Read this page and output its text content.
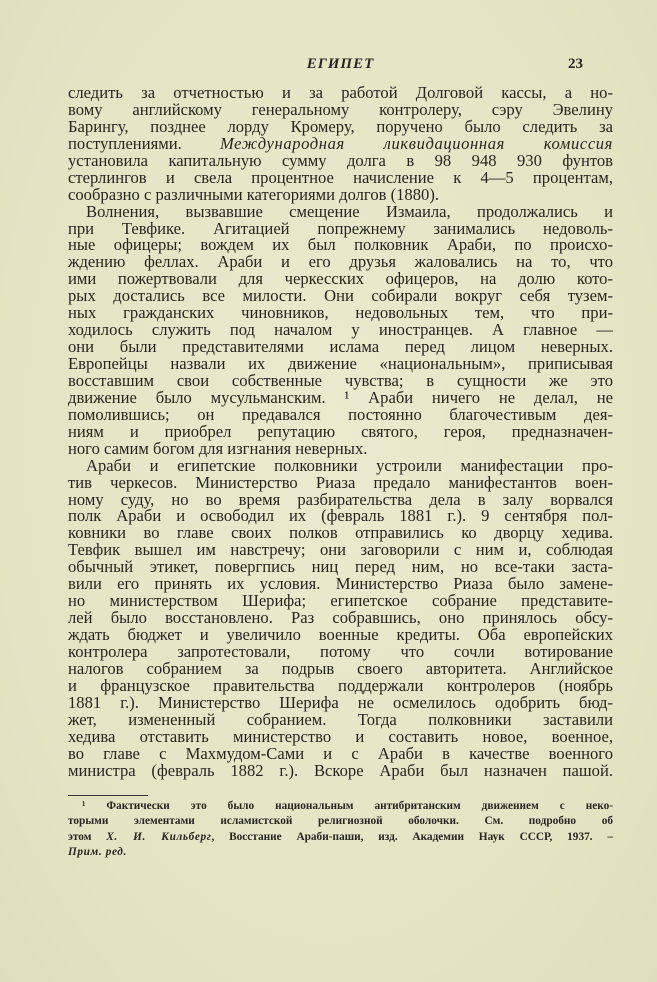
ЕГИПЕТ	23
следить за отчетностью и за работой Долговой кассы, а но-
вому английскому генеральному контролеру, сэру Эвелину
Барингу, позднее лорду Кромеру, поручено было следить за
поступлениями. Международная ликвидационная комиссия
установила капитальную сумму долга в 98 948 930 фунтов
стерлингов и свела процентное начисление к 4—5 процентам,
сообразно с различными категориями долгов (1880).
Волнения, вызвавшие смещение Измаила, продолжались и
при Тевфике. Агитацией попрежнему занимались недоволь-
ные офицеры; вождем их был полковник Араби, по происхо-
ждению феллах. Араби и его друзья жаловались на то, что
ими пожертвовали для черкесских офицеров, на долю кото-
рых достались все милости. Они собирали вокруг себя тузем-
ных гражданских чиновников, недовольных тем, что при-
ходилось служить под началом у иностранцев. А главное —
они были представителями ислама перед лицом неверных.
Европейцы назвали их движение «национальным», приписывая
восставшим свои собственные чувства; в сущности же это
движение было мусульманским. ¹ Араби ничего не делал, не
помолившись; он предавался постоянно благочестивым дея-
ниям и приобрел репутацию святого, героя, предназначен-
ного самим богом для изгнания неверных.
Араби и египетские полковники устроили манифестации про-
тив черкесов. Министерство Риаза предало манифестантов воен-
ному суду, но во время разбирательства дела в залу ворвался
полк Араби и освободил их (февраль 1881 г.). 9 сентября пол-
ковники во главе своих полков отправились ко дворцу хедива.
Тевфик вышел им навстречу; они заговорили с ним и, соблюдая
обычный этикет, повергпись ниц перед ним, но все-таки заста-
вили его принять их условия. Министерство Риаза было замене-
но министерством Шерифа; египетское собрание представите-
лей было восстановлено. Раз собравшись, оно принялось обсу-
ждать бюджет и увеличило военные кредиты. Оба европейских
контролера запротестовали, потому что сочли вотирование
налогов собранием за подрыв своего авторитета. Английское
и французское правительства поддержали контролеров (ноябрь
1881 г.). Министерство Шерифа не осмелилось одобрить бюд-
жет, измененный собранием. Тогда полковники заставили
хедива отставить министерство и составить новое, военное,
во главе с Махмудом-Сами и с Араби в качестве военного
министра (февраль 1882 г.). Вскоре Араби был назначен пашой.
¹ Фактически это было национальным антибританским движением с неко-
торыми элементами исламистской религиозной оболочки. См. подробно об
этом Х. И. Кильберг, Восстание Араби-паши, изд. Академии Наук СССР, 1937. –
Прим. ред.
